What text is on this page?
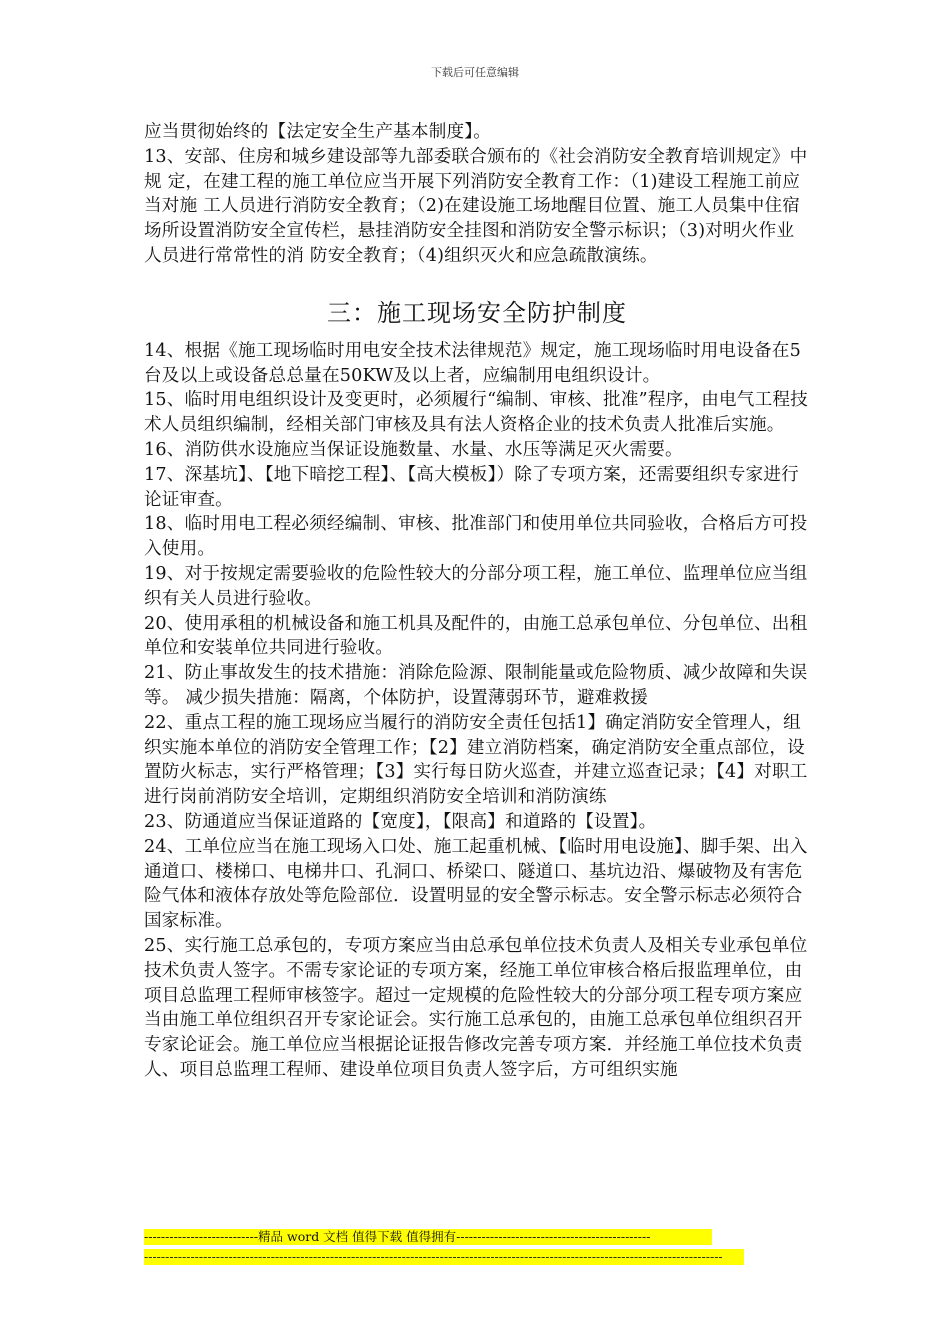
下载后可任意编辑

应当贯彻始终的【法定安全生产基本制度】。

13、安部、住房和城乡建设部等九部委联合颁布的《社会消防安全教育培训规定》中规 定，在建工程的施工单位应当开展下列消防安全教育工作：（1)建设工程施工前应当对施 工人员进行消防安全教育；（2)在建设施工场地醒目位置、施工人员集中住宿场所设置消防安全宣传栏，悬挂消防安全挂图和消防安全警示标识；（3)对明火作业人员进行常常性的消 防安全教育；（4)组织灭火和应急疏散演练。

三：施工现场安全防护制度

14、根据《施工现场临时用电安全技术法律规范》规定，施工现场临时用电设备在5台及以上或设备总总量在50KW及以上者，应编制用电组织设计。

15、临时用电组织设计及变更时，必须履行“编制、审核、批准”程序，由电气工程技术人员组织编制，经相关部门审核及具有法人资格企业的技术负责人批准后实施。

16、消防供水设施应当保证设施数量、水量、水压等满足灭火需要。

17、深基坑】、【地下暗挖工程】、【高大模板】）除了专项方案，还需要组织专家进行论证审查。

18、临时用电工程必须经编制、审核、批准部门和使用单位共同验收，合格后方可投入使用。

19、对于按规定需要验收的危险性较大的分部分项工程，施工单位、监理单位应当组织有关人员进行验收。

20、使用承租的机械设备和施工机具及配件的，由施工总承包单位、分包单位、出租单位和安装单位共同进行验收。

21、防止事故发生的技术措施：消除危险源、限制能量或危险物质、减少故障和失误等。 减少损失措施：隔离，个体防护，设置薄弱环节，避难救援

22、重点工程的施工现场应当履行的消防安全责任包括1】确定消防安全管理人，组织实施本单位的消防安全管理工作；【2】建立消防档案，确定消防安全重点部位，设置防火标志，实行严格管理；【3】实行每日防火巡查，并建立巡查记录；【4】对职工进行岗前消防安全培训，定期组织消防安全培训和消防演练

23、防通道应当保证道路的【宽度】，【限高】和道路的【设置】。

24、工单位应当在施工现场入口处、施工起重机械、【临时用电设施】、脚手架、出入通道口、楼梯口、电梯井口、孔洞口、桥梁口、隧道口、基坑边沿、爆破物及有害危险气体和液体存放处等危险部位．设置明显的安全警示标志。安全警示标志必须符合国家标准。

25、实行施工总承包的，专项方案应当由总承包单位技术负责人及相关专业承包单位技术负责人签字。不需专家论证的专项方案，经施工单位审核合格后报监理单位，由项目总监理工程师审核签字。超过一定规模的危险性较大的分部分项工程专项方案应当由施工单位组织召开专家论证会。实行施工总承包的，由施工总承包单位组织召开专家论证会。施工单位应当根据论证报告修改完善专项方案．并经施工单位技术负责人、项目总监理工程师、建设单位项目负责人签字后，方可组织实施

---------------------------精品 word 文档 值得下载 值得拥有----------------------------------------------
-----------------------------------------------------------------------------------------------------------------------------------------
